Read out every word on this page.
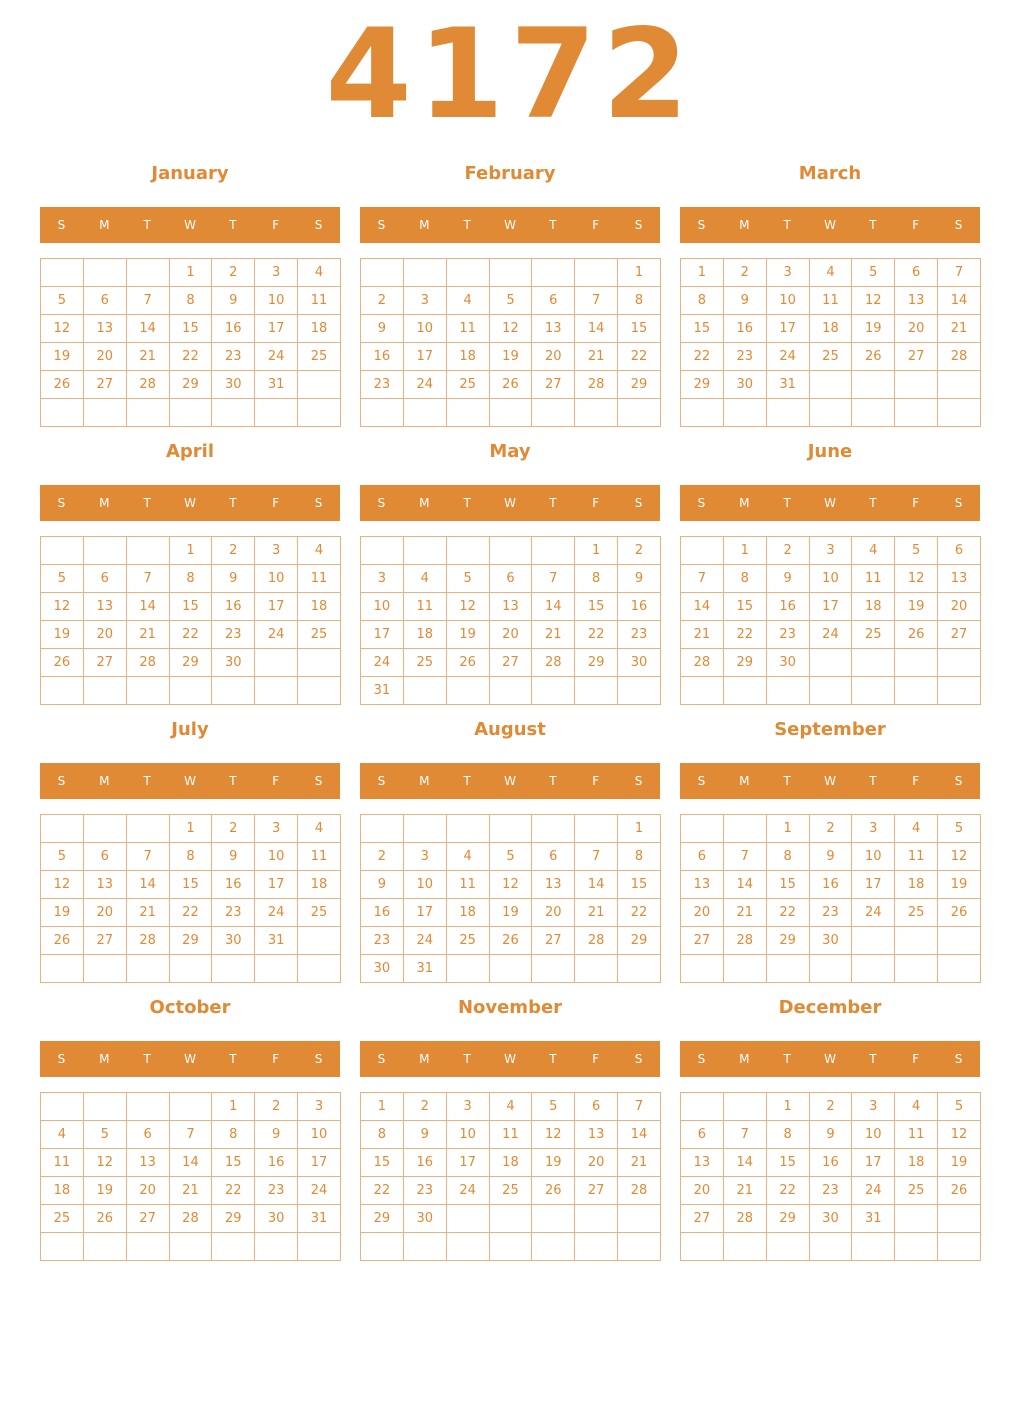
4172
January
S	M	T	W	T	F	S
			1	2	3	4
5	6	7	8	9	10	11
12	13	14	15	16	17	18
19	20	21	22	23	24	25
26	27	28	29	30	31	

February
S	M	T	W	T	F	S
						1
2	3	4	5	6	7	8
9	10	11	12	13	14	15
16	17	18	19	20	21	22
23	24	25	26	27	28	29

March
S	M	T	W	T	F	S
1	2	3	4	5	6	7
8	9	10	11	12	13	14
15	16	17	18	19	20	21
22	23	24	25	26	27	28
29	30	31				

April
S	M	T	W	T	F	S
			1	2	3	4
5	6	7	8	9	10	11
12	13	14	15	16	17	18
19	20	21	22	23	24	25
26	27	28	29	30		

May
S	M	T	W	T	F	S
					1	2
3	4	5	6	7	8	9
10	11	12	13	14	15	16
17	18	19	20	21	22	23
24	25	26	27	28	29	30
31						
June
S	M	T	W	T	F	S
	1	2	3	4	5	6
7	8	9	10	11	12	13
14	15	16	17	18	19	20
21	22	23	24	25	26	27
28	29	30				

July
S	M	T	W	T	F	S
			1	2	3	4
5	6	7	8	9	10	11
12	13	14	15	16	17	18
19	20	21	22	23	24	25
26	27	28	29	30	31	

August
S	M	T	W	T	F	S
						1
2	3	4	5	6	7	8
9	10	11	12	13	14	15
16	17	18	19	20	21	22
23	24	25	26	27	28	29
30	31					
September
S	M	T	W	T	F	S
		1	2	3	4	5
6	7	8	9	10	11	12
13	14	15	16	17	18	19
20	21	22	23	24	25	26
27	28	29	30			

October
S	M	T	W	T	F	S
				1	2	3
4	5	6	7	8	9	10
11	12	13	14	15	16	17
18	19	20	21	22	23	24
25	26	27	28	29	30	31

November
S	M	T	W	T	F	S
1	2	3	4	5	6	7
8	9	10	11	12	13	14
15	16	17	18	19	20	21
22	23	24	25	26	27	28
29	30					

December
S	M	T	W	T	F	S
		1	2	3	4	5
6	7	8	9	10	11	12
13	14	15	16	17	18	19
20	21	22	23	24	25	26
27	28	29	30	31		
